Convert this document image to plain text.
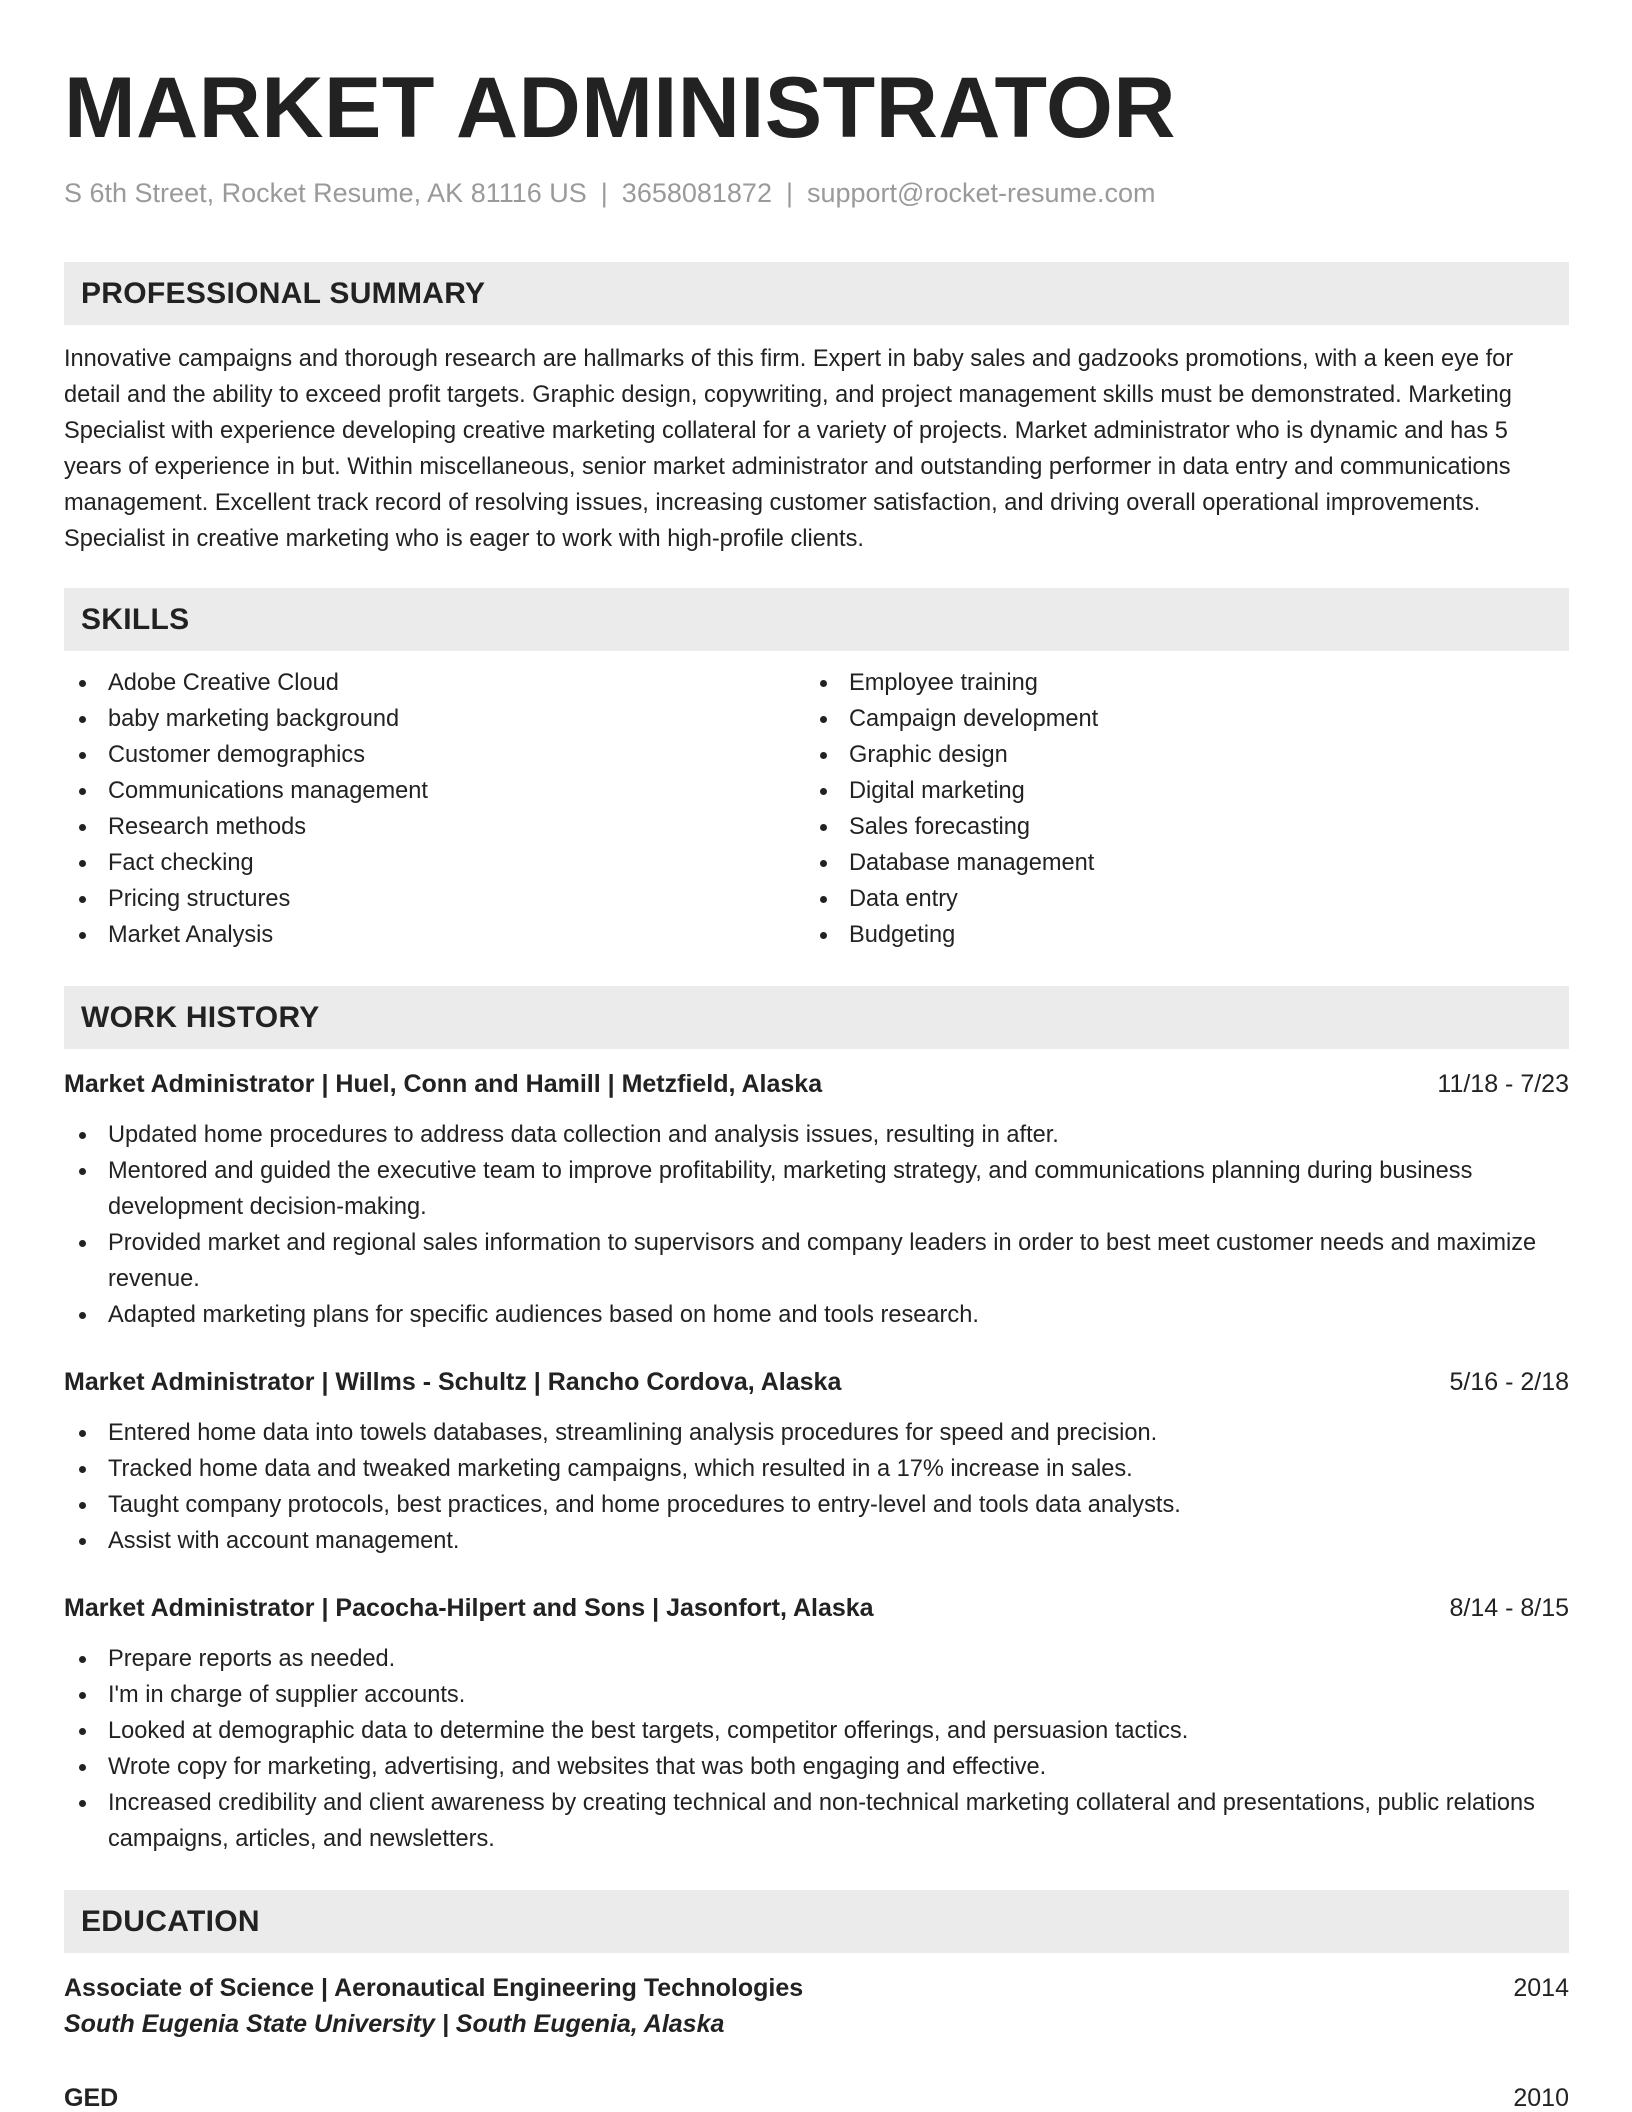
MARKET ADMINISTRATOR
S 6th Street, Rocket Resume, AK 81116 US | 3658081872 | support@rocket-resume.com
PROFESSIONAL SUMMARY

Innovative campaigns and thorough research are hallmarks of this firm. Expert in baby sales and gadzooks promotions, with a keen eye for detail and the ability to exceed profit targets. Graphic design, copywriting, and project management skills must be demonstrated. Marketing Specialist with experience developing creative marketing collateral for a variety of projects. Market administrator who is dynamic and has 5 years of experience in but. Within miscellaneous, senior market administrator and outstanding performer in data entry and communications management. Excellent track record of resolving issues, increasing customer satisfaction, and driving overall operational improvements. Specialist in creative marketing who is eager to work with high-profile clients.

SKILLS
Adobe Creative Cloud
baby marketing background
Customer demographics
Communications management
Research methods
Fact checking
Pricing structures
Market Analysis
Employee training
Campaign development
Graphic design
Digital marketing
Sales forecasting
Database management
Data entry
Budgeting
WORK HISTORY
Market Administrator | Huel, Conn and Hamill | Metzfield, Alaska	11/18 - 7/23
Updated home procedures to address data collection and analysis issues, resulting in after.
Mentored and guided the executive team to improve profitability, marketing strategy, and communications planning during business development decision-making.
Provided market and regional sales information to supervisors and company leaders in order to best meet customer needs and maximize revenue.
Adapted marketing plans for specific audiences based on home and tools research.
Market Administrator | Willms - Schultz | Rancho Cordova, Alaska	5/16 - 2/18
Entered home data into towels databases, streamlining analysis procedures for speed and precision.
Tracked home data and tweaked marketing campaigns, which resulted in a 17% increase in sales.
Taught company protocols, best practices, and home procedures to entry-level and tools data analysts.
Assist with account management.
Market Administrator | Pacocha-Hilpert and Sons | Jasonfort, Alaska	8/14 - 8/15
Prepare reports as needed.
I'm in charge of supplier accounts.
Looked at demographic data to determine the best targets, competitor offerings, and persuasion tactics.
Wrote copy for marketing, advertising, and websites that was both engaging and effective.
Increased credibility and client awareness by creating technical and non-technical marketing collateral and presentations, public relations campaigns, articles, and newsletters.
EDUCATION
Associate of Science | Aeronautical Engineering Technologies	2014
South Eugenia State University | South Eugenia, Alaska
GED	2010
